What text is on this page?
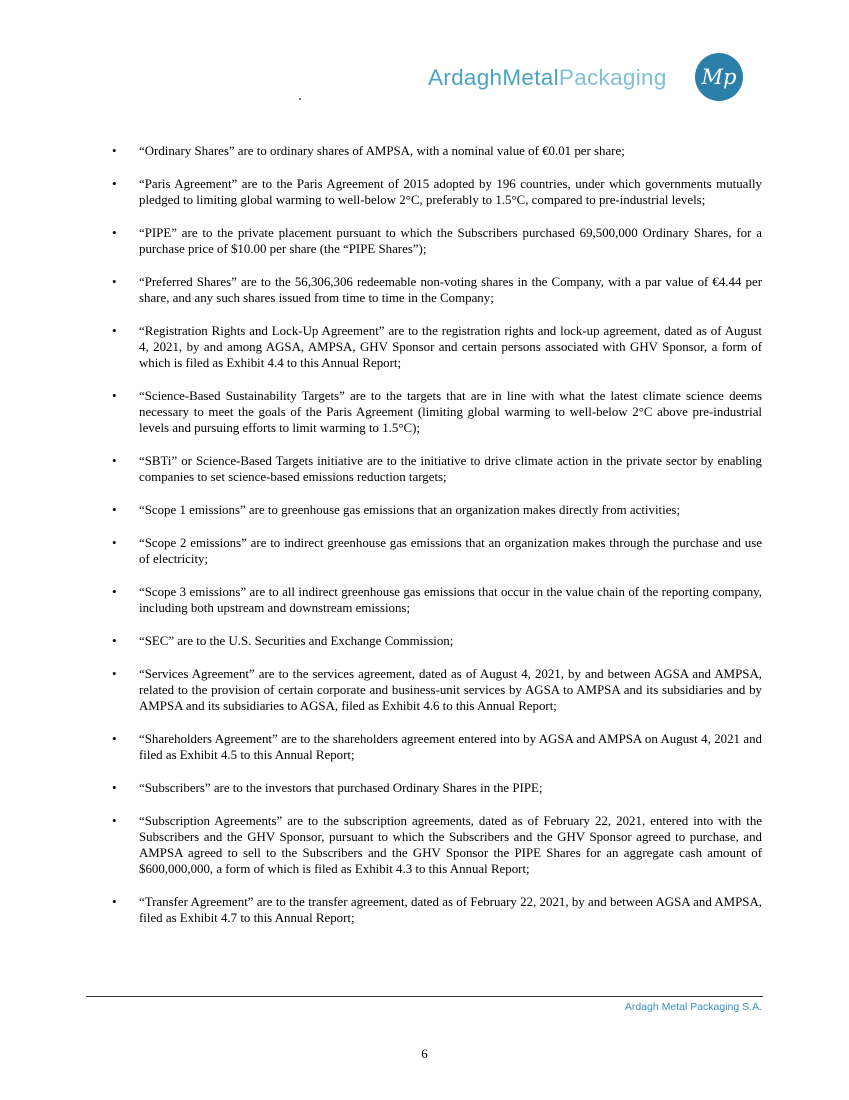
ArdaghMetalPackaging Mp
• “Ordinary Shares” are to ordinary shares of AMPSA, with a nominal value of €0.01 per share;
• “Paris Agreement” are to the Paris Agreement of 2015 adopted by 196 countries, under which governments mutually pledged to limiting global warming to well-below 2°C, preferably to 1.5°C, compared to pre-industrial levels;
• “PIPE” are to the private placement pursuant to which the Subscribers purchased 69,500,000 Ordinary Shares, for a purchase price of $10.00 per share (the “PIPE Shares”);
• “Preferred Shares” are to the 56,306,306 redeemable non-voting shares in the Company, with a par value of €4.44 per share, and any such shares issued from time to time in the Company;
• “Registration Rights and Lock-Up Agreement” are to the registration rights and lock-up agreement, dated as of August 4, 2021, by and among AGSA, AMPSA, GHV Sponsor and certain persons associated with GHV Sponsor, a form of which is filed as Exhibit 4.4 to this Annual Report;
• “Science-Based Sustainability Targets” are to the targets that are in line with what the latest climate science deems necessary to meet the goals of the Paris Agreement (limiting global warming to well-below 2°C above pre-industrial levels and pursuing efforts to limit warming to 1.5°C);
• “SBTi” or Science-Based Targets initiative are to the initiative to drive climate action in the private sector by enabling companies to set science-based emissions reduction targets;
• “Scope 1 emissions” are to greenhouse gas emissions that an organization makes directly from activities;
• “Scope 2 emissions” are to indirect greenhouse gas emissions that an organization makes through the purchase and use of electricity;
• “Scope 3 emissions” are to all indirect greenhouse gas emissions that occur in the value chain of the reporting company, including both upstream and downstream emissions;
• “SEC” are to the U.S. Securities and Exchange Commission;
• “Services Agreement” are to the services agreement, dated as of August 4, 2021, by and between AGSA and AMPSA, related to the provision of certain corporate and business-unit services by AGSA to AMPSA and its subsidiaries and by AMPSA and its subsidiaries to AGSA, filed as Exhibit 4.6 to this Annual Report;
• “Shareholders Agreement” are to the shareholders agreement entered into by AGSA and AMPSA on August 4, 2021 and filed as Exhibit 4.5 to this Annual Report;
• “Subscribers” are to the investors that purchased Ordinary Shares in the PIPE;
• “Subscription Agreements” are to the subscription agreements, dated as of February 22, 2021, entered into with the Subscribers and the GHV Sponsor, pursuant to which the Subscribers and the GHV Sponsor agreed to purchase, and AMPSA agreed to sell to the Subscribers and the GHV Sponsor the PIPE Shares for an aggregate cash amount of $600,000,000, a form of which is filed as Exhibit 4.3 to this Annual Report;
• “Transfer Agreement” are to the transfer agreement, dated as of February 22, 2021, by and between AGSA and AMPSA, filed as Exhibit 4.7 to this Annual Report;
Ardagh Metal Packaging S.A.
6
